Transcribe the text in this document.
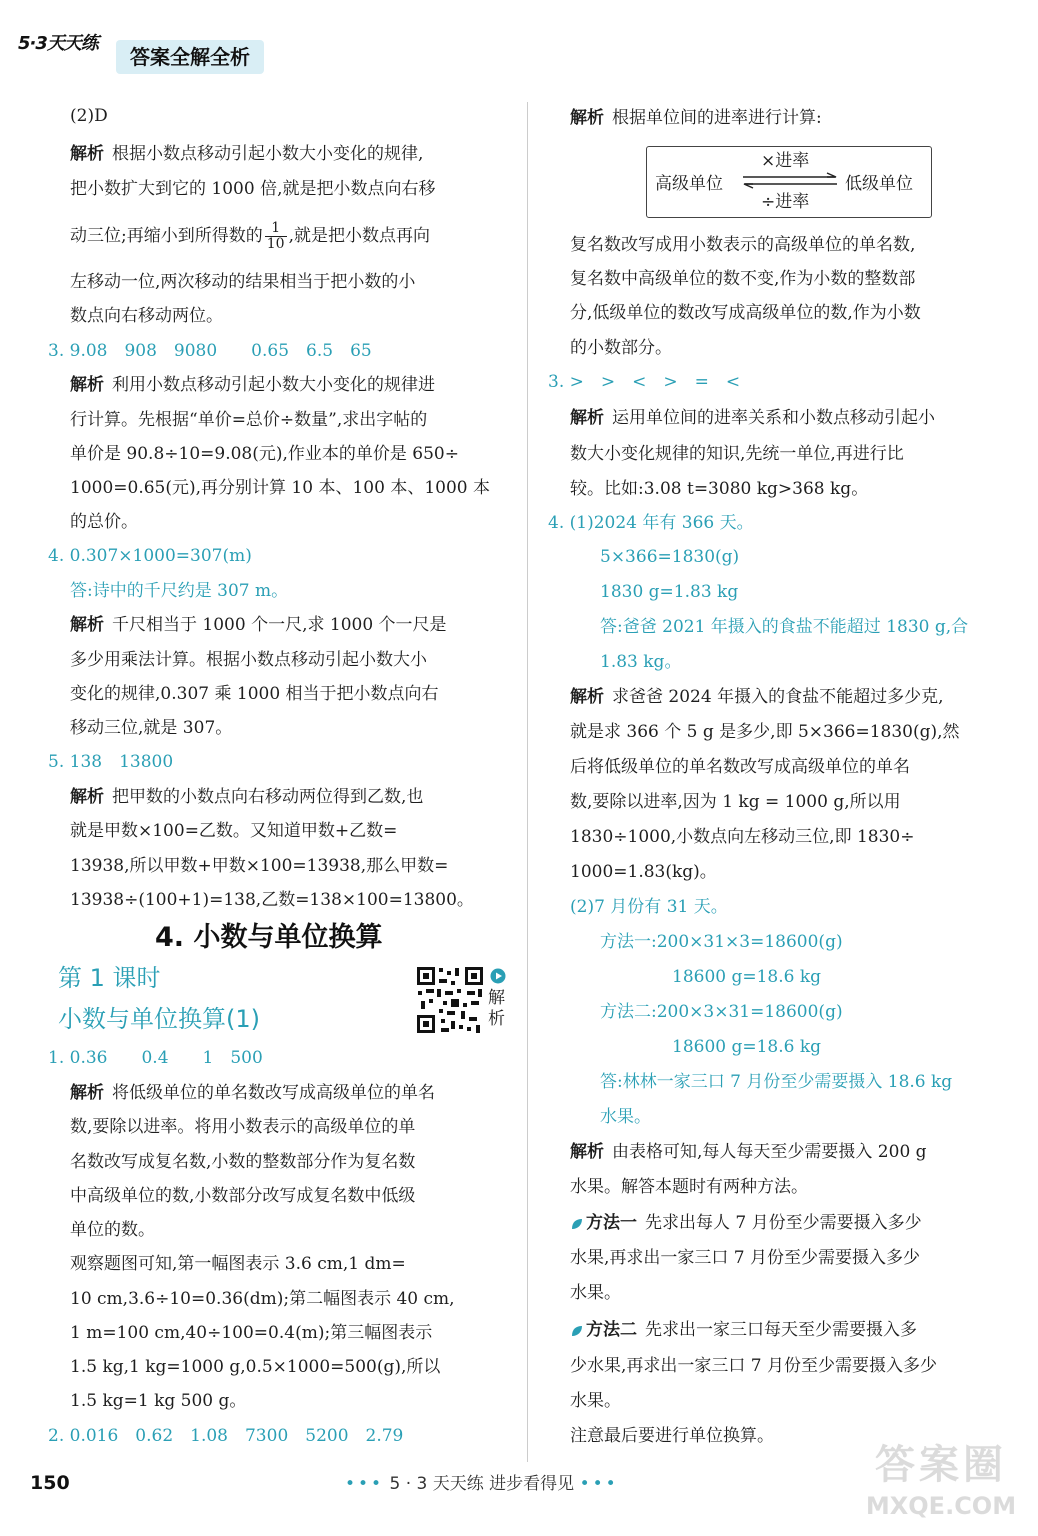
5·3天天练
答案全解全析
(2)D
解析 根据小数点移动引起小数大小变化的规律,
把小数扩大到它的 1000 倍,就是把小数点向右移
动三位;再缩小到所得数的 $\frac{1}{10}$ ,就是把小数点再向
左移动一位,两次移动的结果相当于把小数的小
数点向右移动两位。
3. 9.08　908　9080　　0.65　6.5　65
解析 利用小数点移动引起小数大小变化的规律进
行计算。先根据“单价=总价÷数量”,求出字帖的
单价是 90.8÷10=9.08(元),作业本的单价是 650÷
1000=0.65(元),再分别计算 10 本、100 本、1000 本
的总价。
4. 0.307×1000=307(m)
答:诗中的千尺约是 307 m。
解析 千尺相当于 1000 个一尺,求 1000 个一尺是
多少用乘法计算。根据小数点移动引起小数大小
变化的规律,0.307 乘 1000 相当于把小数点向右
移动三位,就是 307。
5. 138　13800
解析 把甲数的小数点向右移动两位得到乙数,也
就是甲数×100=乙数。又知道甲数+乙数=
13938,所以甲数+甲数×100=13938,那么甲数=
13938÷(100+1)=138,乙数=138×100=13800。
4. 小数与单位换算
第 1 课时
小数与单位换算(1)
解析
1. 0.36　　0.4　　1　500
解析 将低级单位的单名数改写成高级单位的单名
数,要除以进率。将用小数表示的高级单位的单
名数改写成复名数,小数的整数部分作为复名数
中高级单位的数,小数部分改写成复名数中低级
单位的数。
观察题图可知,第一幅图表示 3.6 cm,1 dm=
10 cm,3.6÷10=0.36(dm);第二幅图表示 40 cm,
1 m=100 cm,40÷100=0.4(m);第三幅图表示
1.5 kg,1 kg=1000 g,0.5×1000=500(g),所以
1.5 kg=1 kg 500 g。
2. 0.016　0.62　1.08　7300　5200　2.79
解析 根据单位间的进率进行计算:
高级单位
×进率
÷进率
低级单位
复名数改写成用小数表示的高级单位的单名数,
复名数中高级单位的数不变,作为小数的整数部
分,低级单位的数改写成高级单位的数,作为小数
的小数部分。
3. >　>　<　>　=　<
解析 运用单位间的进率关系和小数点移动引起小
数大小变化规律的知识,先统一单位,再进行比
较。比如:3.08 t=3080 kg>368 kg。
4. (1)2024 年有 366 天。
5×366=1830(g)
1830 g=1.83 kg
答:爸爸 2021 年摄入的食盐不能超过 1830 g,合
1.83 kg。
解析 求爸爸 2024 年摄入的食盐不能超过多少克,
就是求 366 个 5 g 是多少,即 5×366=1830(g),然
后将低级单位的单名数改写成高级单位的单名
数,要除以进率,因为 1 kg = 1000 g,所以用
1830÷1000,小数点向左移动三位,即 1830÷
1000=1.83(kg)。
(2)7 月份有 31 天。
方法一:200×31×3=18600(g)
18600 g=18.6 kg
方法二:200×3×31=18600(g)
18600 g=18.6 kg
答:林林一家三口 7 月份至少需要摄入 18.6 kg
水果。
解析 由表格可知,每人每天至少需要摄入 200 g
水果。解答本题时有两种方法。
方法一 先求出每人 7 月份至少需要摄入多少
水果,再求出一家三口 7 月份至少需要摄入多少
水果。
方法二 先求出一家三口每天至少需要摄入多
少水果,再求出一家三口 7 月份至少需要摄入多少
水果。
注意最后要进行单位换算。
150	••• 5 · 3 天天练 进步看得见 •••	答案圈
MXQE.COM
